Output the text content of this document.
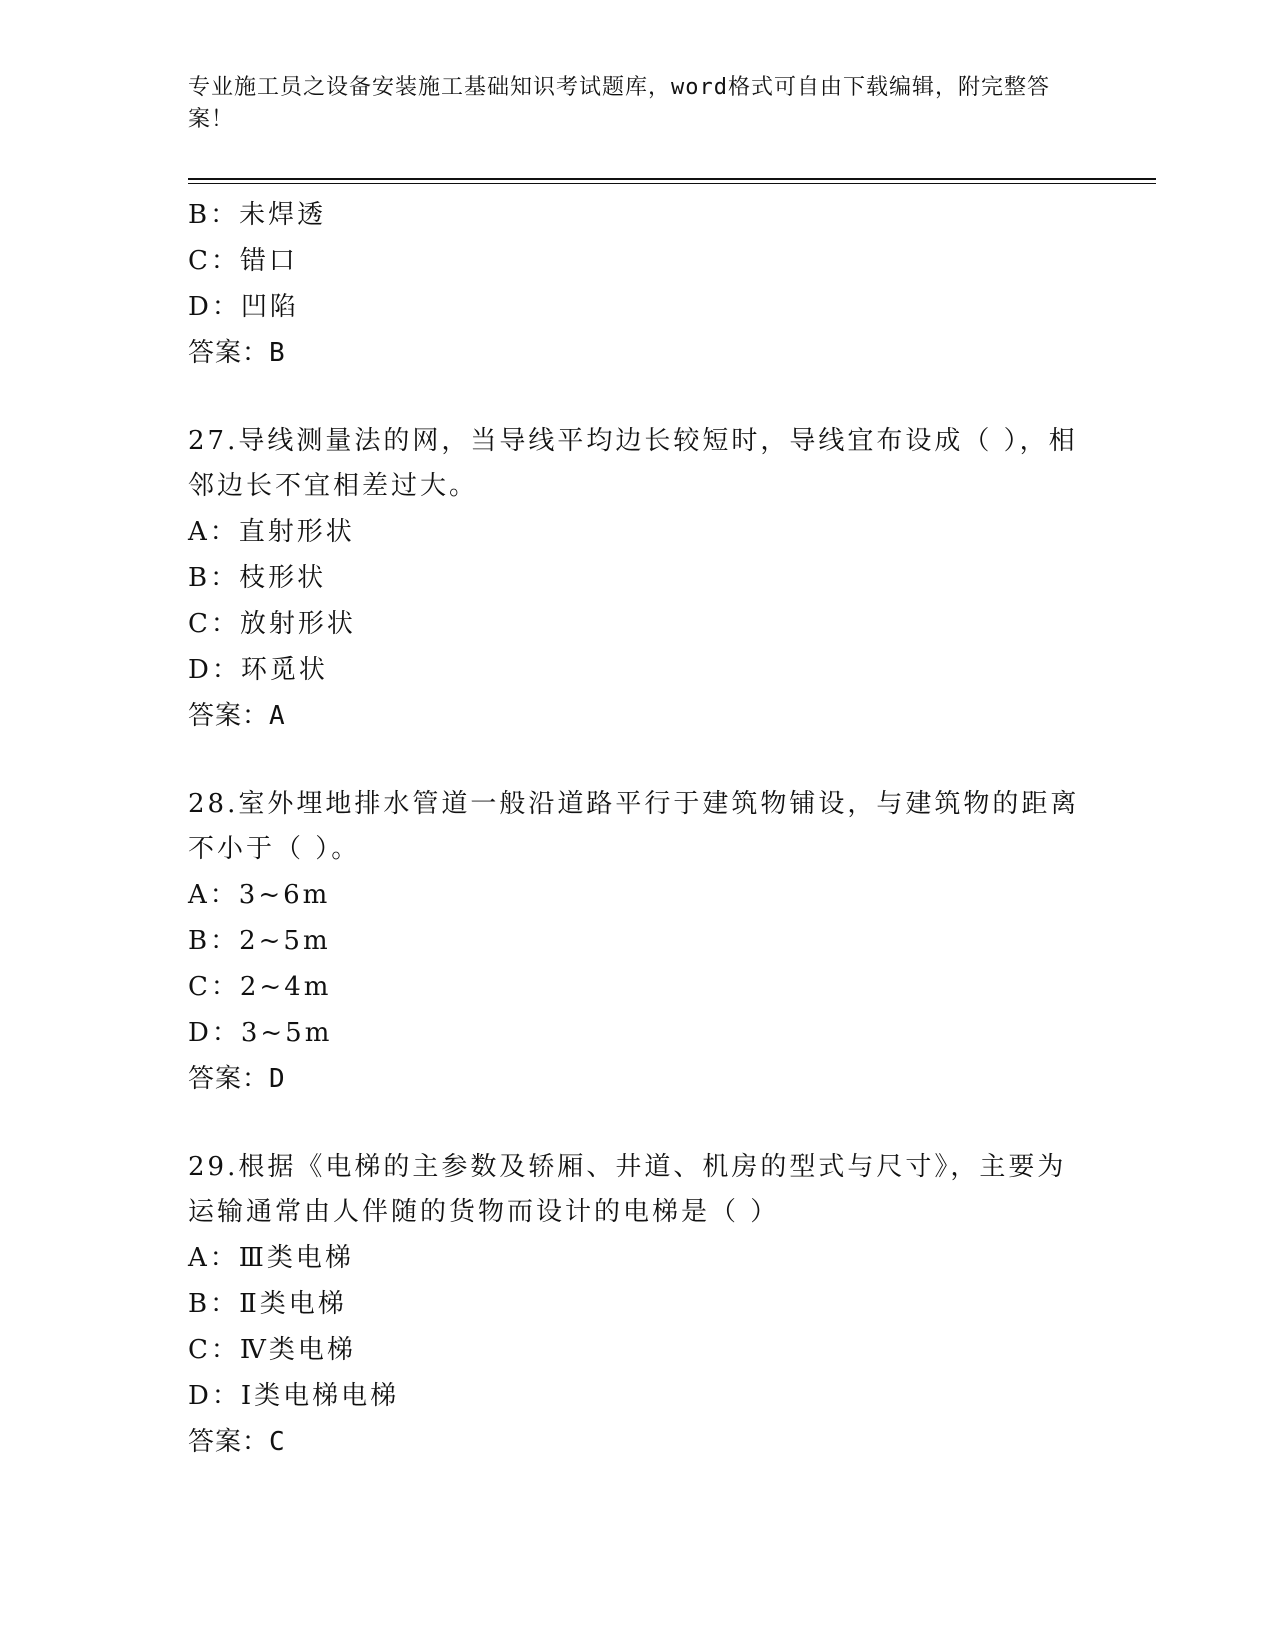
专业施工员之设备安装施工基础知识考试题库，word格式可自由下载编辑，附完整答案！
B：未焊透
C：错口
D：凹陷
答案：B
27.导线测量法的网，当导线平均边长较短时，导线宜布设成（ ），相邻边长不宜相差过大。
A：直射形状
B：枝形状
C：放射形状
D：环觅状
答案：A
28.室外埋地排水管道一般沿道路平行于建筑物铺设，与建筑物的距离不小于（ ）。
A：3~6m
B：2~5m
C：2~4m
D：3~5m
答案：D
29.根据《电梯的主参数及轿厢、井道、机房的型式与尺寸》，主要为运输通常由人伴随的货物而设计的电梯是（ ）
A：Ⅲ类电梯
B：Ⅱ类电梯
C：Ⅳ类电梯
D：Ⅰ类电梯电梯
答案：C
